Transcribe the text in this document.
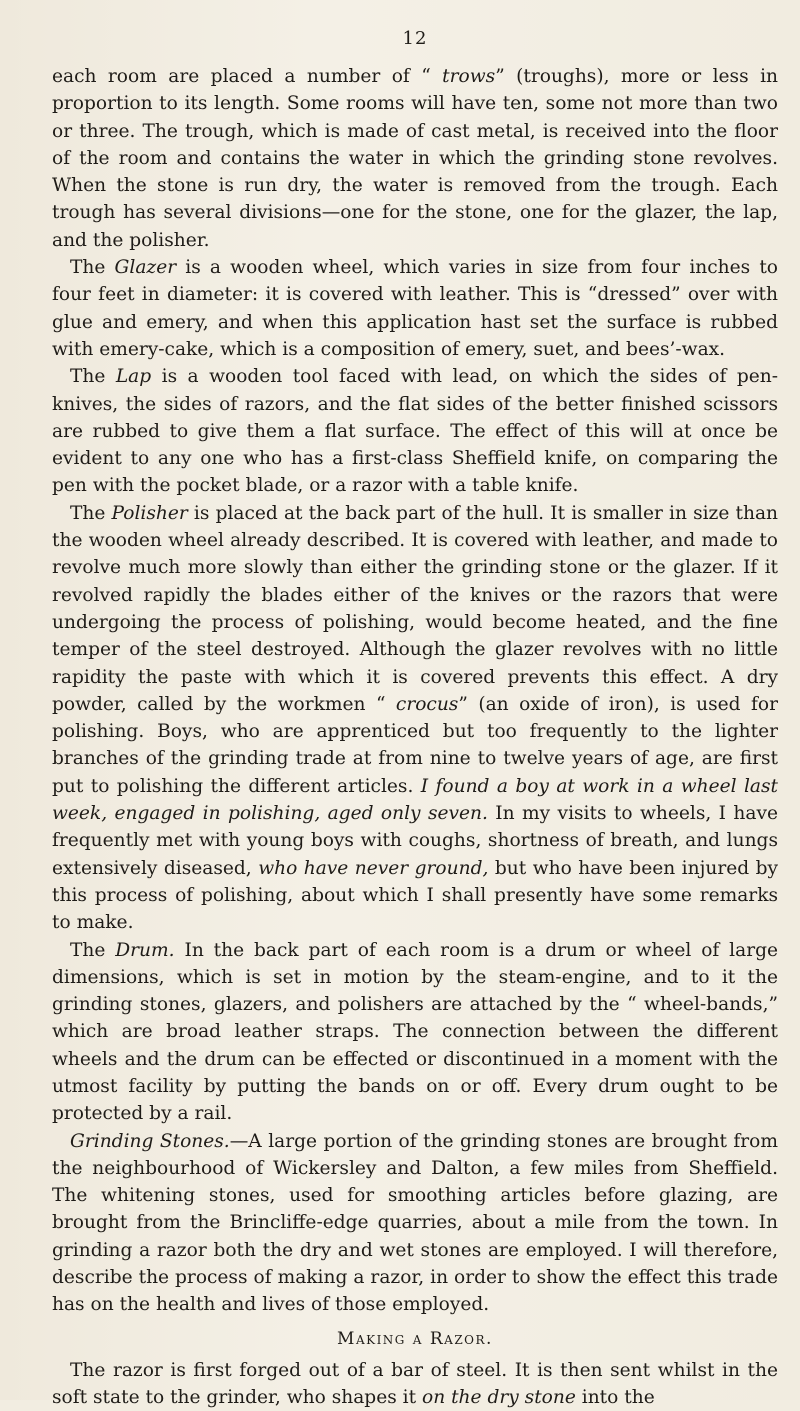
12

each room are placed a number of “ trows” (troughs), more or less in proportion to its length. Some rooms will have ten, some not more than two or three. The trough, which is made of cast metal, is received into the floor of the room and contains the water in which the grinding stone revolves. When the stone is run dry, the water is removed from the trough. Each trough has several divisions—one for the stone, one for the glazer, the lap, and the polisher.

The Glazer is a wooden wheel, which varies in size from four inches to four feet in diameter: it is covered with leather. This is “dressed” over with glue and emery, and when this application hast set the surface is rubbed with emery-cake, which is a composition of emery, suet, and bees’-wax.

The Lap is a wooden tool faced with lead, on which the sides of pen-knives, the sides of razors, and the flat sides of the better finished scissors are rubbed to give them a flat surface. The effect of this will at once be evident to any one who has a first-class Sheffield knife, on comparing the pen with the pocket blade, or a razor with a table knife.

The Polisher is placed at the back part of the hull. It is smaller in size than the wooden wheel already described. It is covered with leather, and made to revolve much more slowly than either the grinding stone or the glazer. If it revolved rapidly the blades either of the knives or the razors that were undergoing the process of polishing, would become heated, and the fine temper of the steel destroyed. Although the glazer revolves with no little rapidity the paste with which it is covered prevents this effect. A dry powder, called by the workmen “ crocus” (an oxide of iron), is used for polishing. Boys, who are apprenticed but too frequently to the lighter branches of the grinding trade at from nine to twelve years of age, are first put to polishing the different articles. I found a boy at work in a wheel last week, engaged in polishing, aged only seven. In my visits to wheels, I have frequently met with young boys with coughs, shortness of breath, and lungs extensively diseased, who have never ground, but who have been injured by this process of polishing, about which I shall presently have some remarks to make.

The Drum. In the back part of each room is a drum or wheel of large dimensions, which is set in motion by the steam-engine, and to it the grinding stones, glazers, and polishers are attached by the “ wheel-bands,” which are broad leather straps. The connection between the different wheels and the drum can be effected or discontinued in a moment with the utmost facility by putting the bands on or off. Every drum ought to be protected by a rail.

Grinding Stones.—A large portion of the grinding stones are brought from the neighbourhood of Wickersley and Dalton, a few miles from Sheffield. The whitening stones, used for smoothing articles before glazing, are brought from the Brincliffe-edge quarries, about a mile from the town. In grinding a razor both the dry and wet stones are employed. I will therefore, describe the process of making a razor, in order to show the effect this trade has on the health and lives of those employed.

Making a Razor.

The razor is first forged out of a bar of steel. It is then sent whilst in the soft state to the grinder, who shapes it on the dry stone into the
